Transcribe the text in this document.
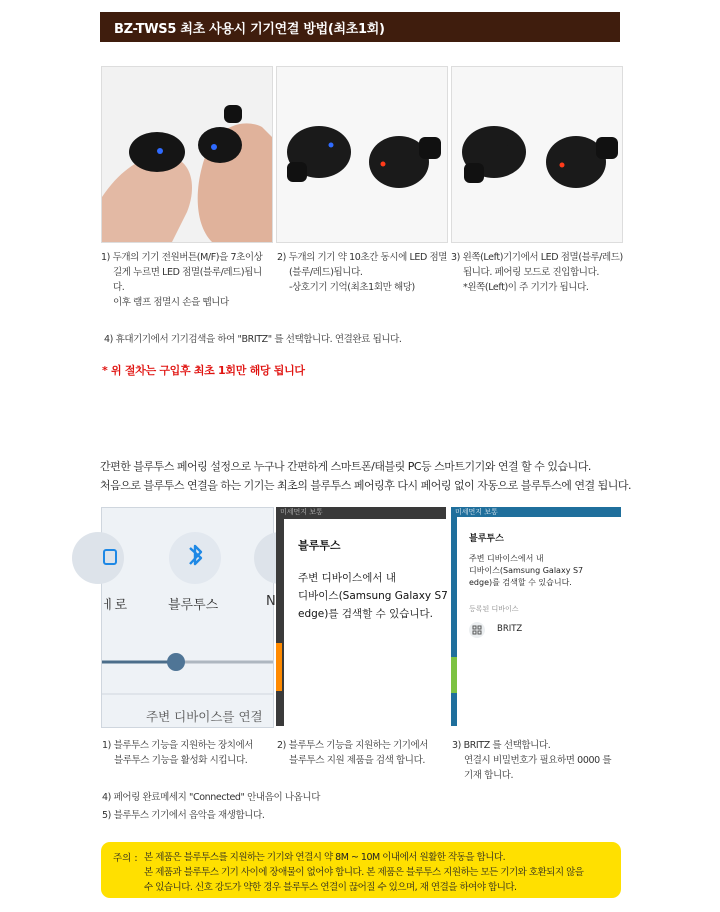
BZ-TWS5 최초 사용시 기기연결 방법(최초1회)

1) 두개의 기기 전원버튼(M/F)을 7초이상

길게 누르면 LED 점멸(블루/레드)됩니다.

이후 램프 점멸시 손을 뗍니다

2) 두개의 기기 약 10초간 동시에 LED 점멸

(블루/레드)됩니다.

-상호기기 기억(최초1회만 해당)

3) 왼쪽(Left)기기에서 LED 점멸(블루/레드)

됩니다. 페어링 모드로 진입합니다.

*왼쪽(Left)이 주 기기가 됩니다.

4) 휴대기기에서 기기검색을 하여 "BRITZ" 를 선택합니다. 연결완료 됩니다.
* 위 절차는 구입후 최초 1회만 해당 됩니다

간편한 블루투스 페어링 설정으로 누구나 간편하게 스마트폰/태블릿 PC등 스마트기기와 연결 할 수 있습니다.

처음으로 블루투스 연결을 하는 기기는 최초의 블루투스 페어링후 다시 페어링 없이 자동으로 블루투스에 연결 됩니다.

ㅔ로	블루투스	N
주변 디바이스를 연결
미세먼지 보통
블루투스
주변 디바이스에서 내
디바이스(Samsung Galaxy S7
edge)를 검색할 수 있습니다.
미세먼지 보통
블루투스
주변 디바이스에서 내
디바이스(Samsung Galaxy S7
edge)를 검색할 수 있습니다.
등록된 디바이스
BRITZ

1) 블루투스 기능을 지원하는 장치에서

블루투스 기능을 활성화 시킵니다.

2) 블루투스 기능을 지원하는 기기에서

블루투스 지원 제품을 검색 합니다.

3) BRITZ 를 선택합니다.

연결시 비밀번호가 필요하면 0000 를

기재 합니다.

4) 페어링 완료메세지 "Connected" 안내음이 나옵니다
5) 블루투스 기기에서 음악을 재생합니다.
주의 : 본 제품은 블루투스를 지원하는 기기와 연결시 약 8M ~ 10M 이내에서 원활한 작동을 합니다.

본 제품과 블루투스 기기 사이에 장애물이 없어야 합니다. 본 제품은 블루투스 지원하는 모든 기기와 호환되지 않을

수 있습니다. 신호 강도가 약한 경우 블루투스 연결이 끊어질 수 있으며, 재 연결을 하여야 합니다.
